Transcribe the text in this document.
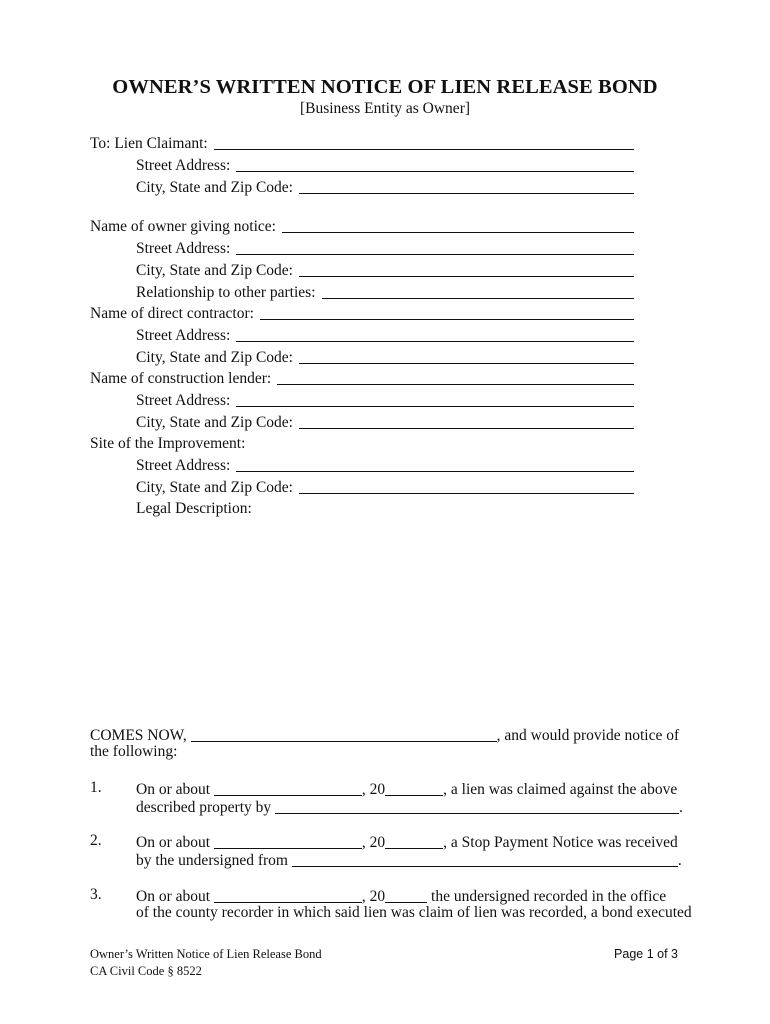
OWNER’S WRITTEN NOTICE OF LIEN RELEASE BOND
[Business Entity as Owner]
To: Lien Claimant:
Street Address:
City, State and Zip Code:
Name of owner giving notice:
Street Address:
City, State and Zip Code:
Relationship to other parties:
Name of direct contractor:
Street Address:
City, State and Zip Code:
Name of construction lender:
Street Address:
City, State and Zip Code:
Site of the Improvement:
Street Address:
City, State and Zip Code:
Legal Description:
COMES NOW,	, and would provide notice of
the following:
1. On or about	, 20	, a lien was claimed against the above
described property by	.
2. On or about	, 20	, a Stop Payment Notice was received
by the undersigned from	.
3. On or about	, 20	the undersigned recorded in the office
of the county recorder in which said lien was claim of lien was recorded, a bond executed
Owner’s Written Notice of Lien Release Bond
CA Civil Code § 8522
Page 1 of 3
